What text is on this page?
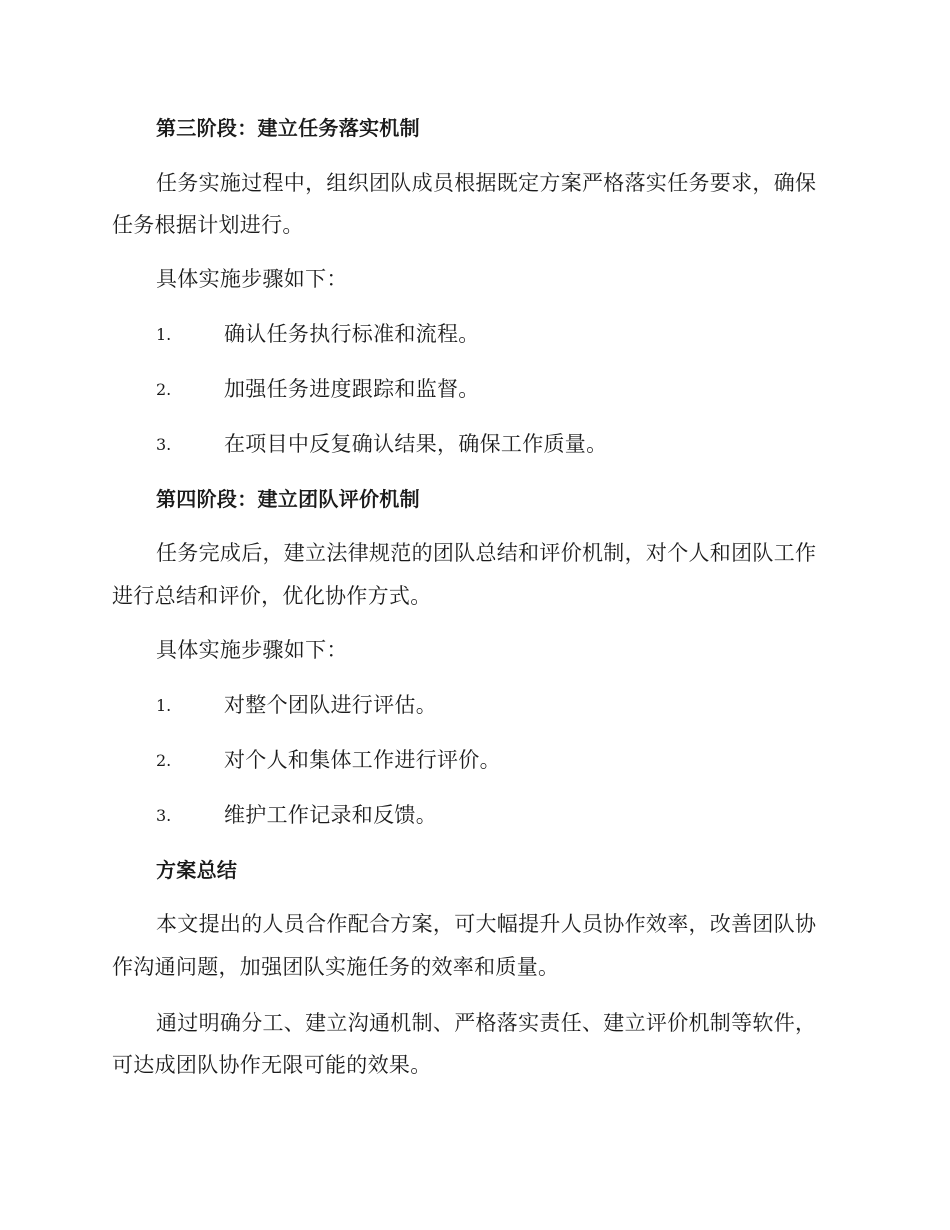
第三阶段：建立任务落实机制
任务实施过程中，组织团队成员根据既定方案严格落实任务要求，确保
任务根据计划进行。
具体实施步骤如下：
1.	确认任务执行标准和流程。
2.	加强任务进度跟踪和监督。
3.	在项目中反复确认结果，确保工作质量。
第四阶段：建立团队评价机制
任务完成后，建立法律规范的团队总结和评价机制，对个人和团队工作
进行总结和评价，优化协作方式。
具体实施步骤如下：
1.	对整个团队进行评估。
2.	对个人和集体工作进行评价。
3.	维护工作记录和反馈。
方案总结
本文提出的人员合作配合方案，可大幅提升人员协作效率，改善团队协
作沟通问题，加强团队实施任务的效率和质量。
通过明确分工、建立沟通机制、严格落实责任、建立评价机制等软件，
可达成团队协作无限可能的效果。
